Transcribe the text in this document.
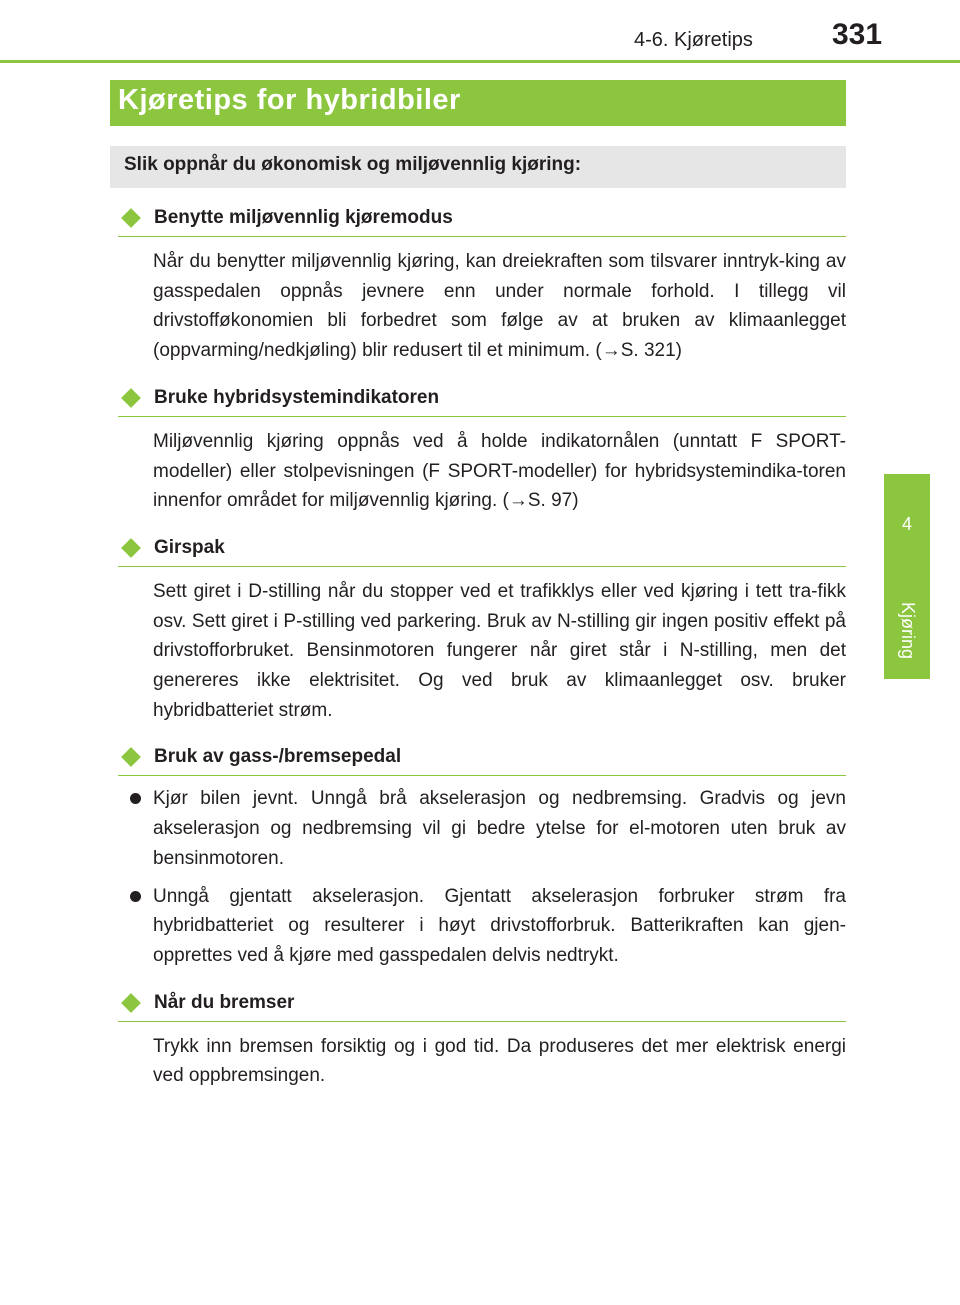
4-6. Kjøretips	331
4
Kjøring
Kjøretips for hybridbiler
Slik oppnår du økonomisk og miljøvennlig kjøring:
Benytte miljøvennlig kjøremodus
Når du benytter miljøvennlig kjøring, kan dreiekraften som tilsvarer inntryk-king av gasspedalen oppnås jevnere enn under normale forhold. I tillegg vil drivstofføkonomien bli forbedret som følge av at bruken av klimaanlegget (oppvarming/nedkjøling) blir redusert til et minimum. (→S. 321)
Bruke hybridsystemindikatoren
Miljøvennlig kjøring oppnås ved å holde indikatornålen (unntatt F SPORT-modeller) eller stolpevisningen (F SPORT-modeller) for hybridsystemindika-toren innenfor området for miljøvennlig kjøring. (→S. 97)
Girspak
Sett giret i D-stilling når du stopper ved et trafikklys eller ved kjøring i tett tra-fikk osv. Sett giret i P-stilling ved parkering. Bruk av N-stilling gir ingen positiv effekt på drivstofforbruket. Bensinmotoren fungerer når giret står i N-stilling, men det genereres ikke elektrisitet. Og ved bruk av klimaanlegget osv. bruker hybridbatteriet strøm.
Bruk av gass-/bremsepedal
Kjør bilen jevnt. Unngå brå akselerasjon og nedbremsing. Gradvis og jevn akselerasjon og nedbremsing vil gi bedre ytelse for el-motoren uten bruk av bensinmotoren.
Unngå gjentatt akselerasjon. Gjentatt akselerasjon forbruker strøm fra hybridbatteriet og resulterer i høyt drivstofforbruk. Batterikraften kan gjen-opprettes ved å kjøre med gasspedalen delvis nedtrykt.
Når du bremser
Trykk inn bremsen forsiktig og i god tid. Da produseres det mer elektrisk energi ved oppbremsingen.
